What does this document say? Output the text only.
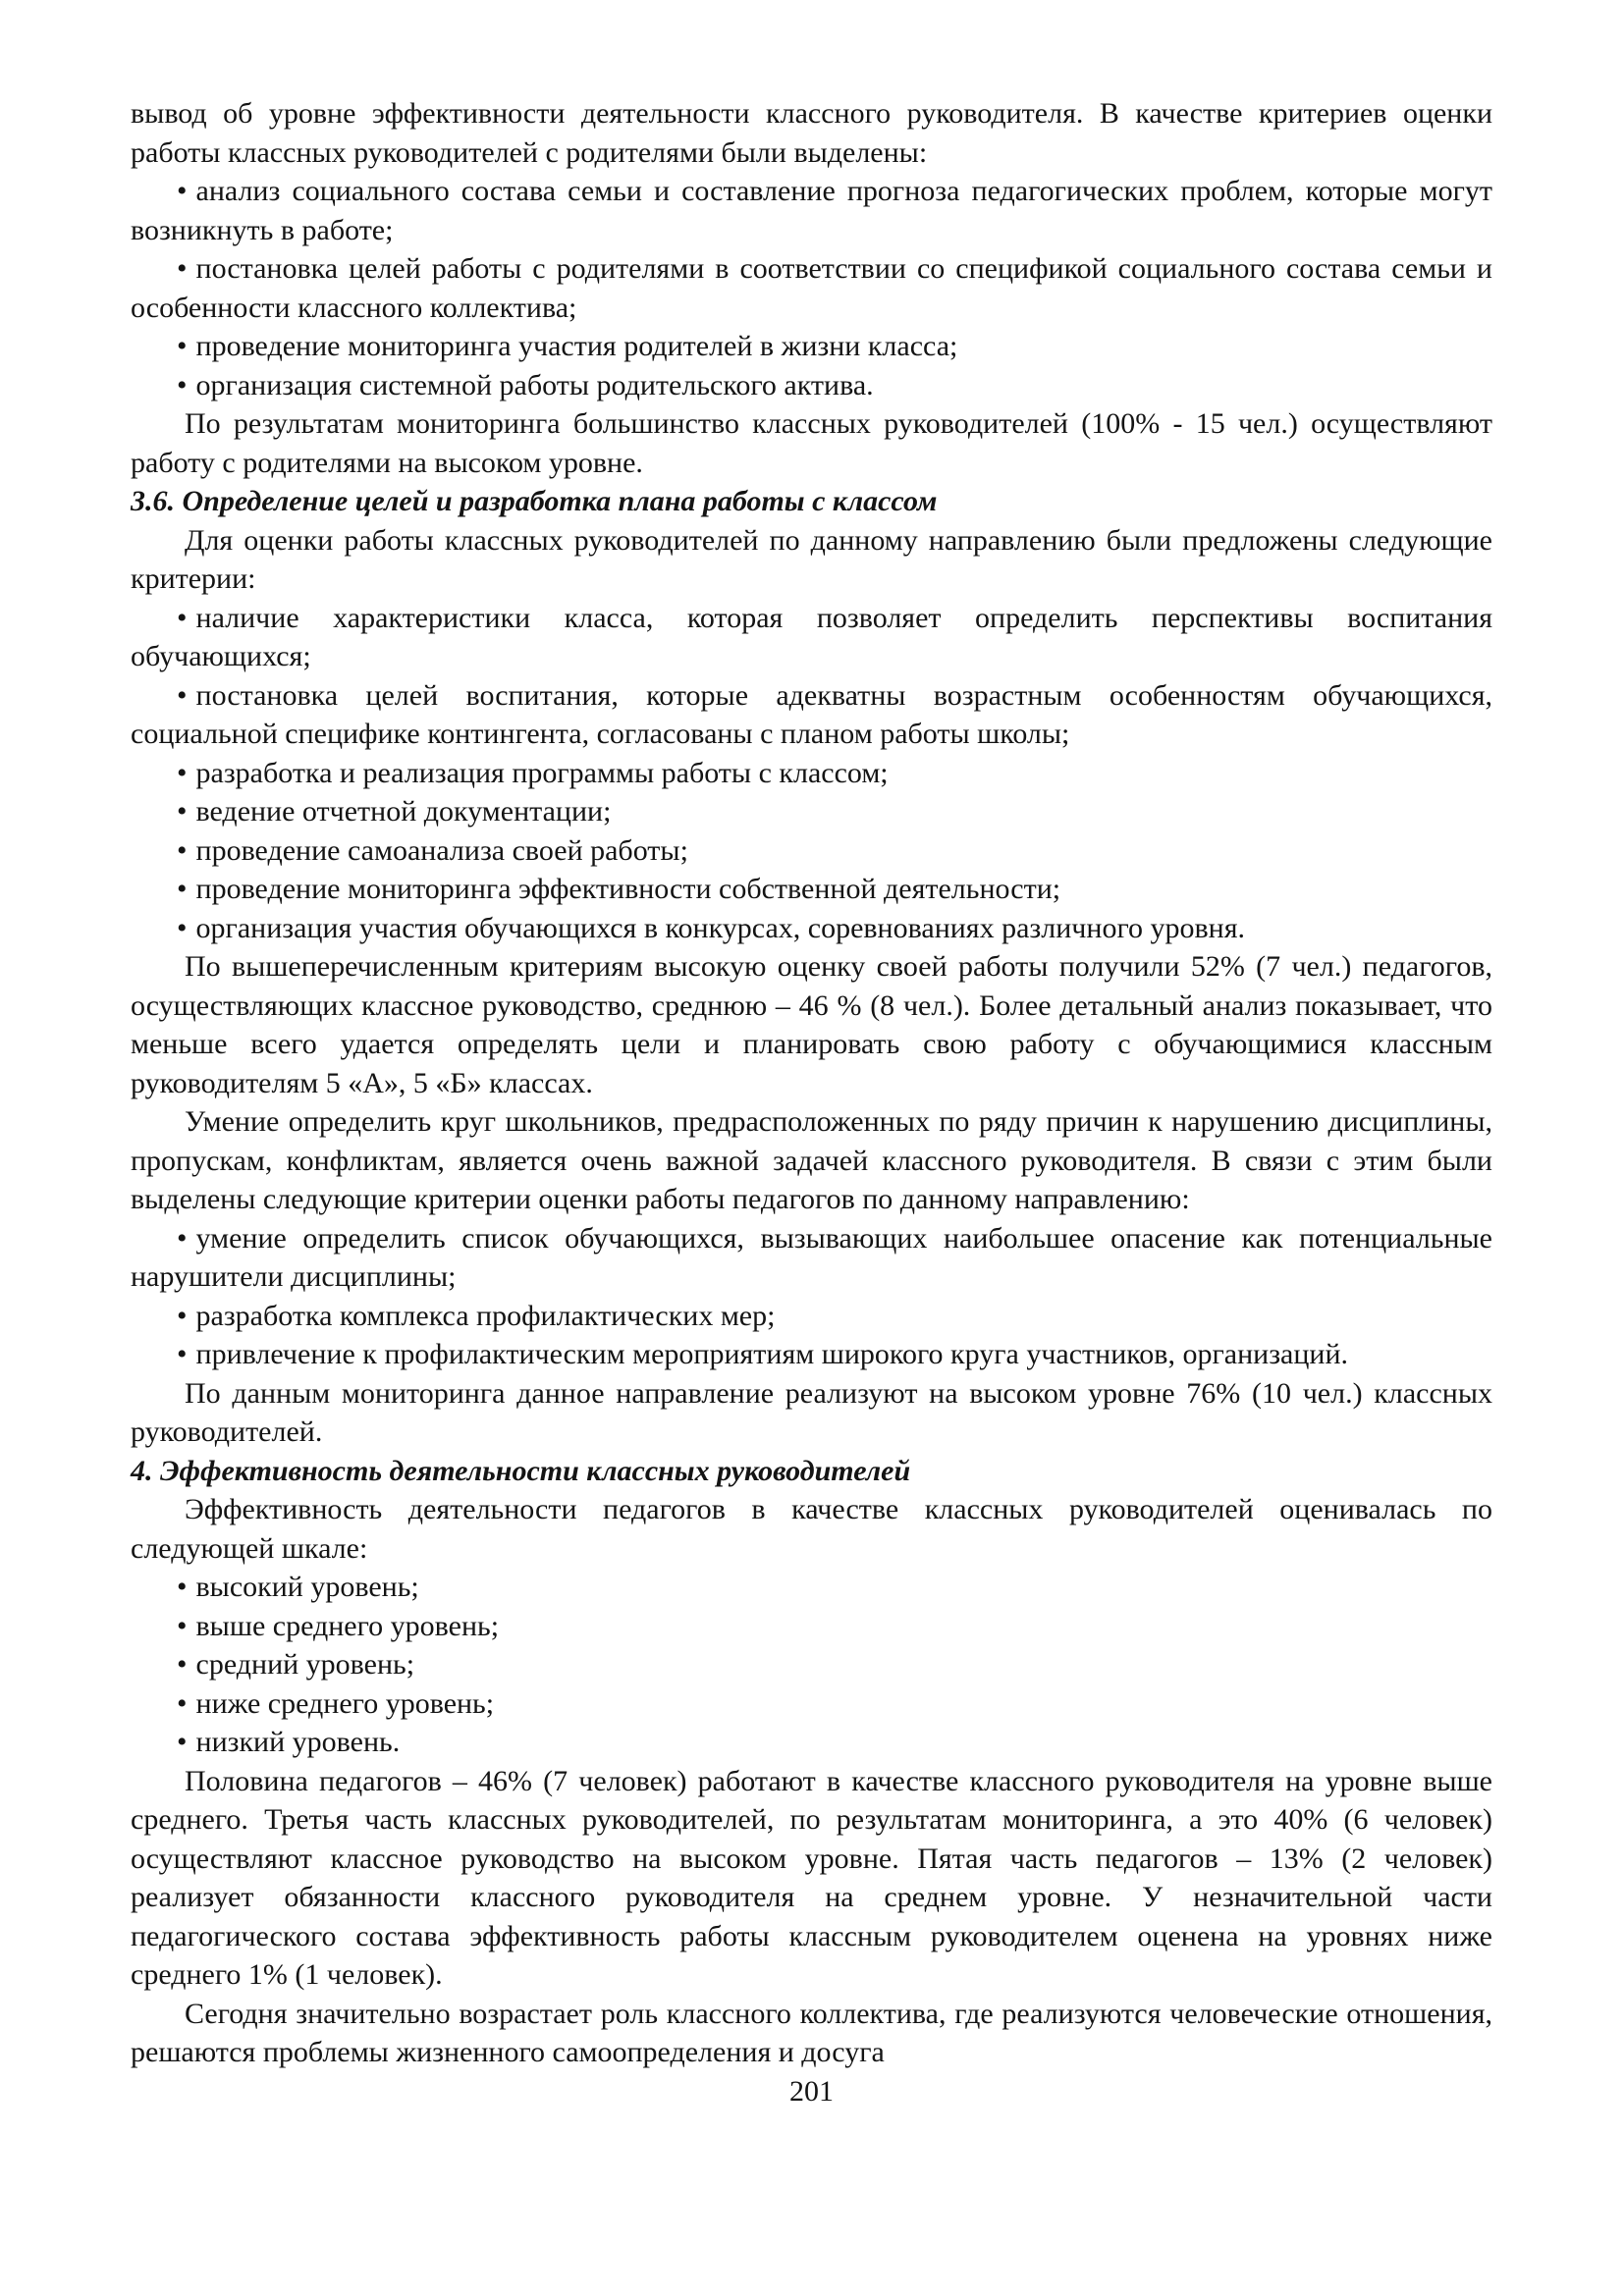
вывод об уровне эффективности деятельности классного руководителя. В качестве критериев оценки работы классных руководителей с родителями были выделены:
• анализ социального состава семьи и составление прогноза педагогических проблем, которые могут возникнуть в работе;
• постановка целей работы с родителями в соответствии со спецификой социального состава семьи и особенности классного коллектива;
• проведение мониторинга участия родителей в жизни класса;
• организация системной работы родительского актива.
По результатам мониторинга большинство классных руководителей (100% - 15 чел.) осуществляют работу с родителями на высоком уровне.
3.6. Определение целей и разработка плана работы с классом
Для оценки работы классных руководителей по данному направлению были предложены следующие критерии:
• наличие характеристики класса, которая позволяет определить перспективы воспитания обучающихся;
• постановка целей воспитания, которые адекватны возрастным особенностям обучающихся, социальной специфике контингента, согласованы с планом работы школы;
• разработка и реализация программы работы с классом;
• ведение отчетной документации;
• проведение самоанализа своей работы;
• проведение мониторинга эффективности собственной деятельности;
• организация участия обучающихся в конкурсах, соревнованиях различного уровня.
По вышеперечисленным критериям высокую оценку своей работы получили 52% (7 чел.) педагогов, осуществляющих классное руководство, среднюю – 46 % (8 чел.). Более детальный анализ показывает, что меньше всего удается определять цели и планировать свою работу с обучающимися классным руководителям 5 «А», 5 «Б» классах.
Умение определить круг школьников, предрасположенных по ряду причин к нарушению дисциплины, пропускам, конфликтам, является очень важной задачей классного руководителя. В связи с этим были выделены следующие критерии оценки работы педагогов по данному направлению:
• умение определить список обучающихся, вызывающих наибольшее опасение как потенциальные нарушители дисциплины;
• разработка комплекса профилактических мер;
• привлечение к профилактическим мероприятиям широкого круга участников, организаций.
По данным мониторинга данное направление реализуют на высоком уровне 76% (10 чел.) классных руководителей.
4. Эффективность деятельности классных руководителей
Эффективность деятельности педагогов в качестве классных руководителей оценивалась по следующей шкале:
• высокий уровень;
• выше среднего уровень;
• средний уровень;
• ниже среднего уровень;
• низкий уровень.
Половина педагогов – 46% (7 человек) работают в качестве классного руководителя на уровне выше среднего. Третья часть классных руководителей, по результатам мониторинга, а это 40% (6 человек) осуществляют классное руководство на высоком уровне. Пятая часть педагогов – 13% (2 человек) реализует обязанности классного руководителя на среднем уровне. У незначительной части педагогического состава эффективность работы классным руководителем оценена на уровнях ниже среднего 1% (1 человек).
Сегодня значительно возрастает роль классного коллектива, где реализуются человеческие отношения, решаются проблемы жизненного самоопределения и досуга
201
